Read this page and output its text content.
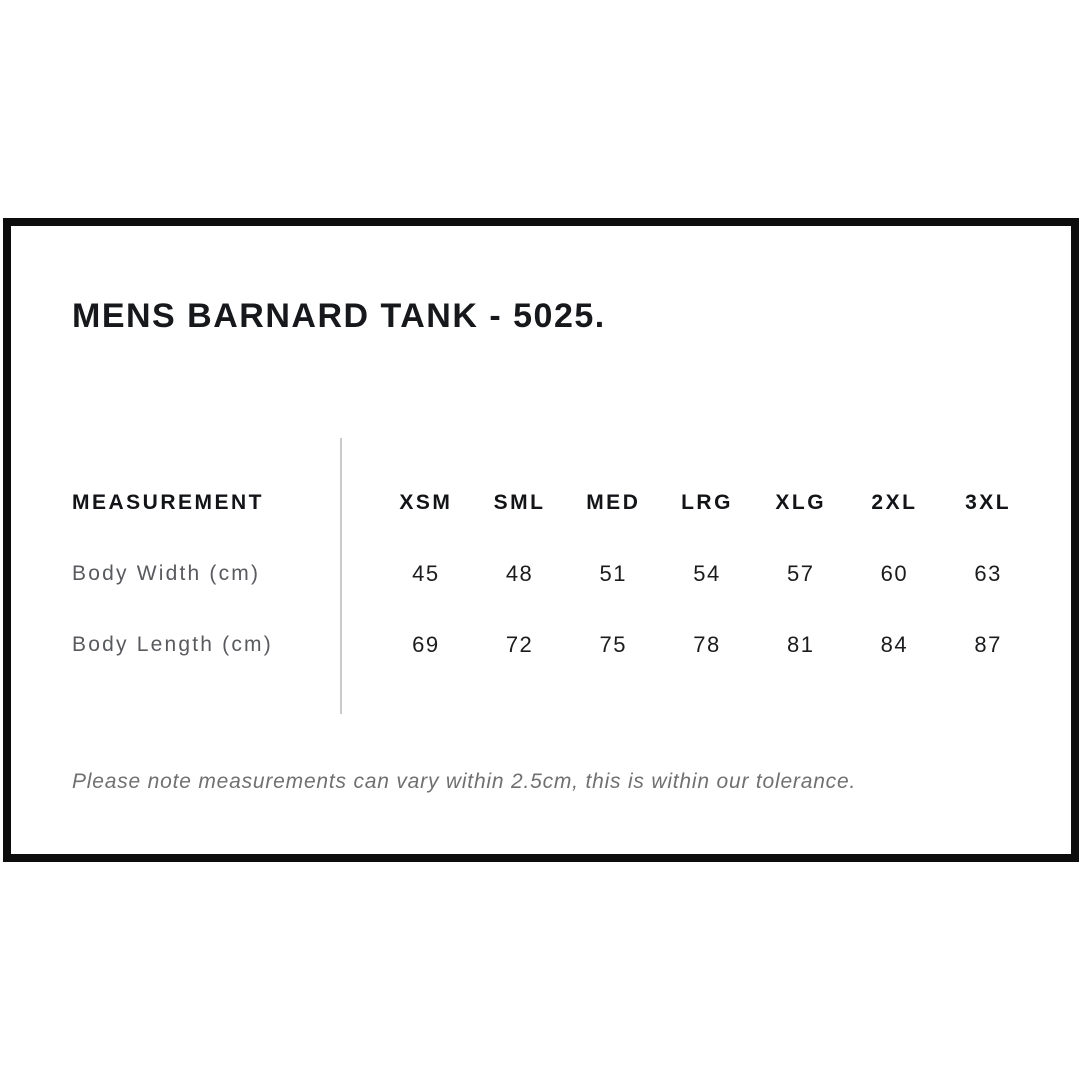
MENS BARNARD TANK - 5025.
MEASUREMENT	XSM	SML	MED	LRG	XLG	2XL	3XL
Body Width (cm)	45	48	51	54	57	60	63
Body Length (cm)	69	72	75	78	81	84	87

Please note measurements can vary within 2.5cm, this is within our tolerance.
